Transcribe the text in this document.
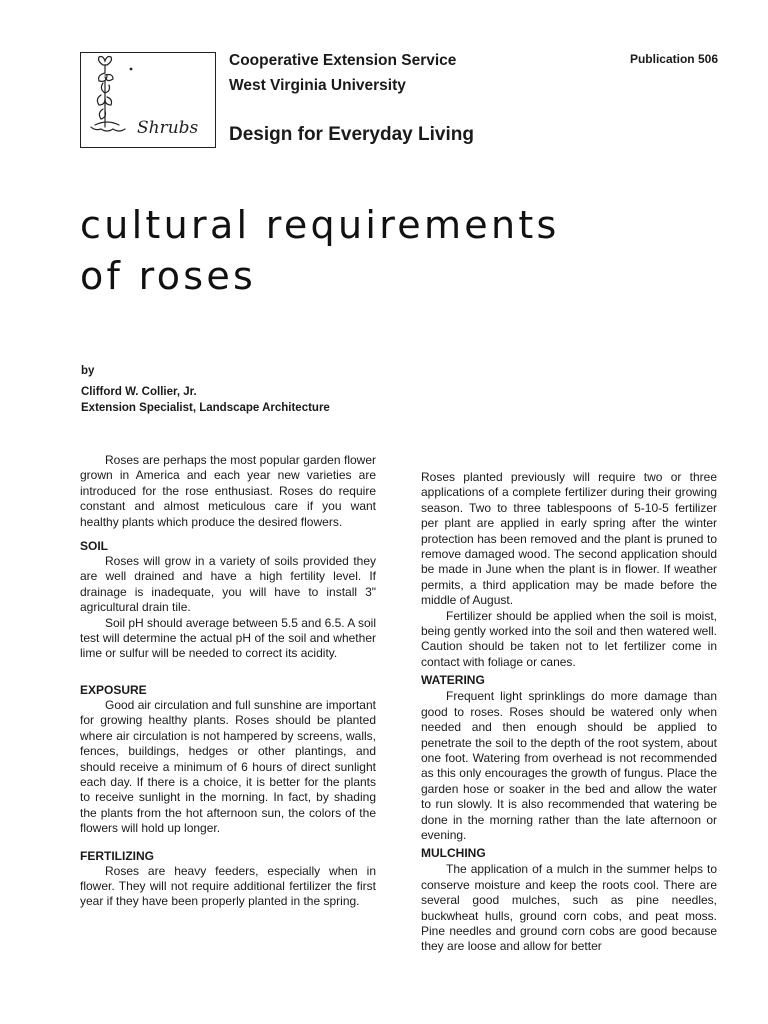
Shrubs
Cooperative Extension Service
West Virginia University
Design for Everyday Living
Publication 506
cultural requirements
of roses
by
Clifford W. Collier, Jr.
Extension Specialist, Landscape Architecture

Roses are perhaps the most popular garden flower grown in America and each year new varieties are introduced for the rose enthusiast. Roses do require constant and almost meticulous care if you want healthy plants which produce the desired flowers.

SOIL

Roses will grow in a variety of soils provided they are well drained and have a high fertility level. If drainage is inadequate, you will have to install 3" agricultural drain tile.

Soil pH should average between 5.5 and 6.5. A soil test will determine the actual pH of the soil and whether lime or sulfur will be needed to correct its acidity.

EXPOSURE

Good air circulation and full sunshine are important for growing healthy plants. Roses should be planted where air circulation is not hampered by screens, walls, fences, buildings, hedges or other plantings, and should receive a minimum of 6 hours of direct sunlight each day. If there is a choice, it is better for the plants to receive sunlight in the morning. In fact, by shading the plants from the hot afternoon sun, the colors of the flowers will hold up longer.

FERTILIZING

Roses are heavy feeders, especially when in flower. They will not require additional fertilizer the first year if they have been properly planted in the spring.

Roses planted previously will require two or three applications of a complete fertilizer during their growing season. Two to three tablespoons of 5-10-5 fertilizer per plant are applied in early spring after the winter protection has been removed and the plant is pruned to remove damaged wood. The second application should be made in June when the plant is in flower. If weather permits, a third application may be made before the middle of August.

Fertilizer should be applied when the soil is moist, being gently worked into the soil and then watered well. Caution should be taken not to let fertilizer come in contact with foliage or canes.

WATERING

Frequent light sprinklings do more damage than good to roses. Roses should be watered only when needed and then enough should be applied to penetrate the soil to the depth of the root system, about one foot. Watering from overhead is not recommended as this only encourages the growth of fungus. Place the garden hose or soaker in the bed and allow the water to run slowly. It is also recommended that watering be done in the morning rather than the late afternoon or evening.

MULCHING

The application of a mulch in the summer helps to conserve moisture and keep the roots cool. There are several good mulches, such as pine needles, buckwheat hulls, ground corn cobs, and peat moss. Pine needles and ground corn cobs are good because they are loose and allow for better
